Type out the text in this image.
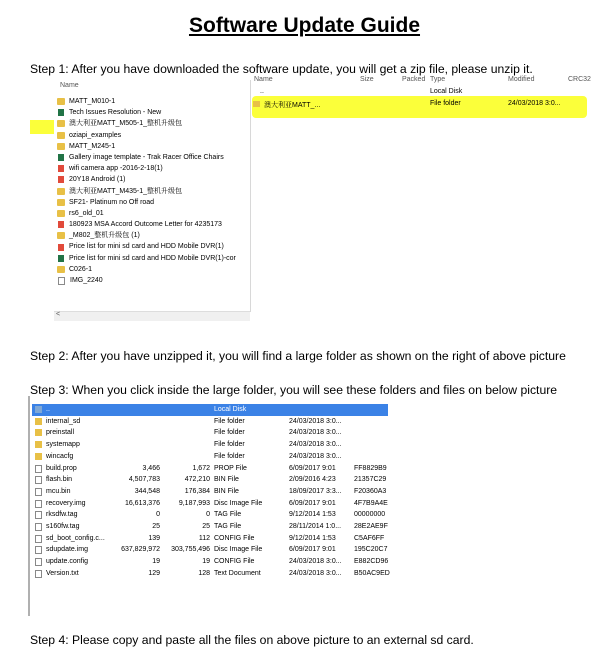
Software Update Guide
Step 1: After you have downloaded the software update, you will get a zip file, please unzip it.
Name
MATT_M010-1
Tech Issues Resolution - New
澳大利亚MATT_M505-1_整机升级包
oziapi_examples
MATT_M245-1
Gallery image template - Trak Racer Office Chairs
wifi camera app -2016-2-18(1)
20Y18 Android (1)
澳大利亚MATT_M435-1_整机升级包
SF21- Platinum no Off road
rs6_old_01
180923 MSA Accord Outcome Letter for 4235173
_M802_整机升级包 (1)
Price list for mini sd card and HDD Mobile DVR(1)
Price list for mini sd card and HDD Mobile DVR(1)-cor
C026-1
IMG_2240
<
Name	Size	Packed Type	Modified	CRC32
..	Local Disk
澳大利亚MATT_...	File folder	24/03/2018 3:0...
Step 2: After you have unzipped it, you will find a large folder as shown on the right of above picture
Step 3: When you click inside the large folder, you will see these folders and files on below picture
..	Local Disk
internal_sd	File folder	24/03/2018 3:0...
preinstall	File folder	24/03/2018 3:0...
systemapp	File folder	24/03/2018 3:0...
wincacfg	File folder	24/03/2018 3:0...
build.prop	3,466	1,672 PROP File	6/09/2017 9:01	FF8829B9
flash.bin	4,507,783	472,210 BIN File	2/09/2016 4:23	21357C29
mcu.bin	344,548	176,384 BIN File	18/09/2017 3:3... F20360A3
recovery.img	16,613,376	9,187,993 Disc Image File	6/09/2017 9:01	4F7B9A4E
rksdfw.tag	0	0 TAG File	9/12/2014 1:53	00000000
s160fw.tag	25	25 TAG File	28/11/2014 1:0... 28E2AE9F
sd_boot_config.c...	139	112 CONFIG File	9/12/2014 1:53	C5AF6FF
sdupdate.img	637,829,972 303,755,496 Disc Image File	6/09/2017 9:01	195C20C7
update.config	19	19 CONFIG File	24/03/2018 3:0... E882CD96
Version.txt	129	128 Text Document	24/03/2018 3:0... B50AC9ED
Step 4: Please copy and paste all the files on above picture to an external sd card.
